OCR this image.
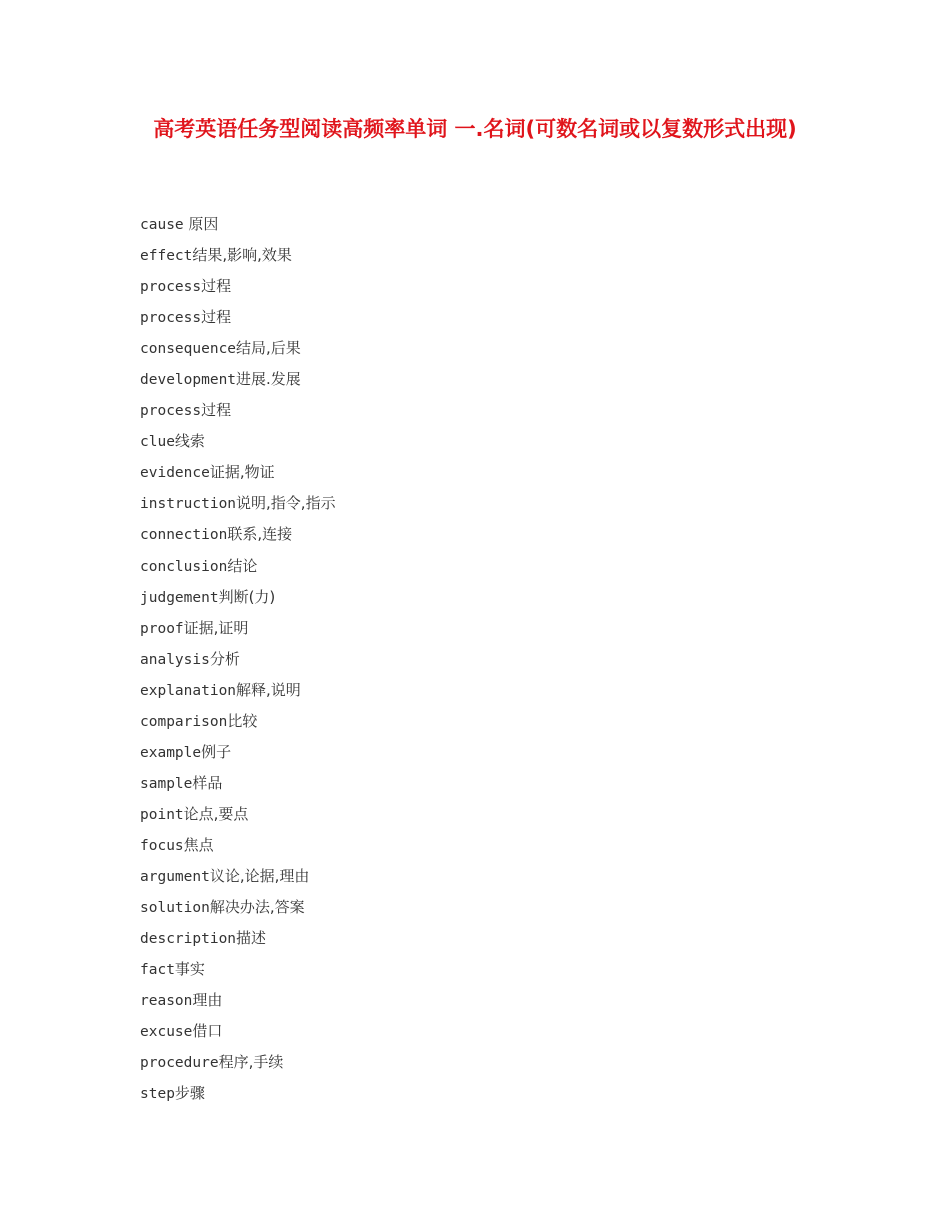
高考英语任务型阅读高频率单词 一.名词(可数名词或以复数形式出现)
cause 原因
effect结果,影响,效果
process过程
process过程
consequence结局,后果
development进展.发展
process过程
clue线索
evidence证据,物证
instruction说明,指令,指示
connection联系,连接
conclusion结论
judgement判断(力)
proof证据,证明
analysis分析
explanation解释,说明
comparison比较
example例子
sample样品
point论点,要点
focus焦点
argument议论,论据,理由
solution解决办法,答案
description描述
fact事实
reason理由
excuse借口
procedure程序,手续
step步骤
